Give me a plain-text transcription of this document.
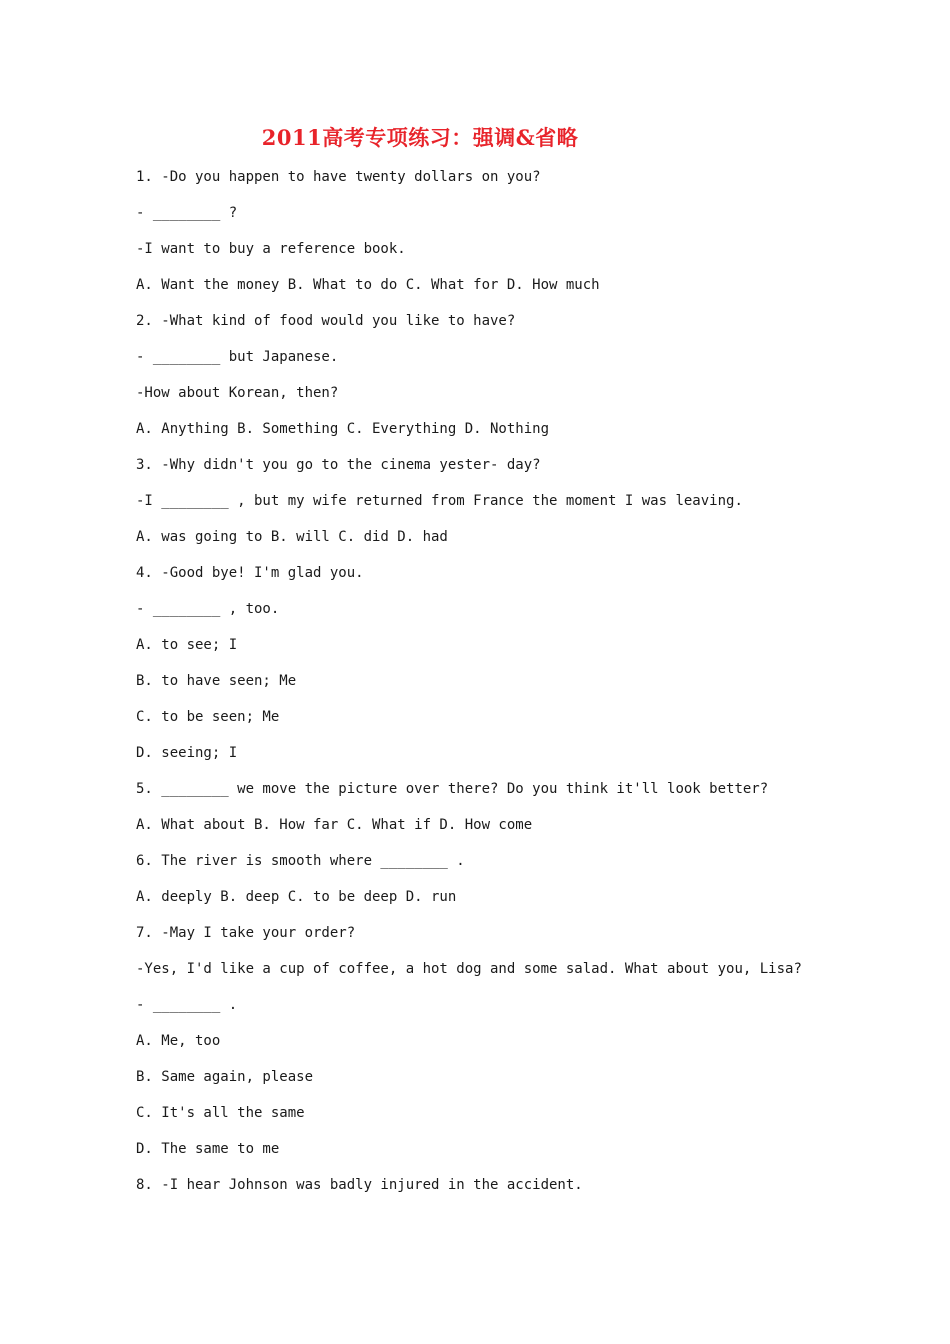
2011高考专项练习：强调&省略
1. -Do you happen to have twenty dollars on you?
- ________ ?
-I want to buy a reference book.
A. Want the money B. What to do C. What for D. How much
2. -What kind of food would you like to have?
- ________ but Japanese.
-How about Korean, then?
A. Anything B. Something C. Everything D. Nothing
3. -Why didn't you go to the cinema yester- day?
-I ________ , but my wife returned from France the moment I was leaving.
A. was going to B. will C. did D. had
4. -Good bye! I'm glad you.
- ________ , too.
A. to see; I
B. to have seen; Me
C. to be seen; Me
D. seeing; I
5. ________ we move the picture over there? Do you think it'll look better?
A. What about B. How far C. What if D. How come
6. The river is smooth where ________ .
A. deeply B. deep C. to be deep D. run
7. -May I take your order?
-Yes, I'd like a cup of coffee, a hot dog and some salad. What about you, Lisa?
- ________ .
A. Me, too
B. Same again, please
C. It's all the same
D. The same to me
8. -I hear Johnson was badly injured in the accident.
